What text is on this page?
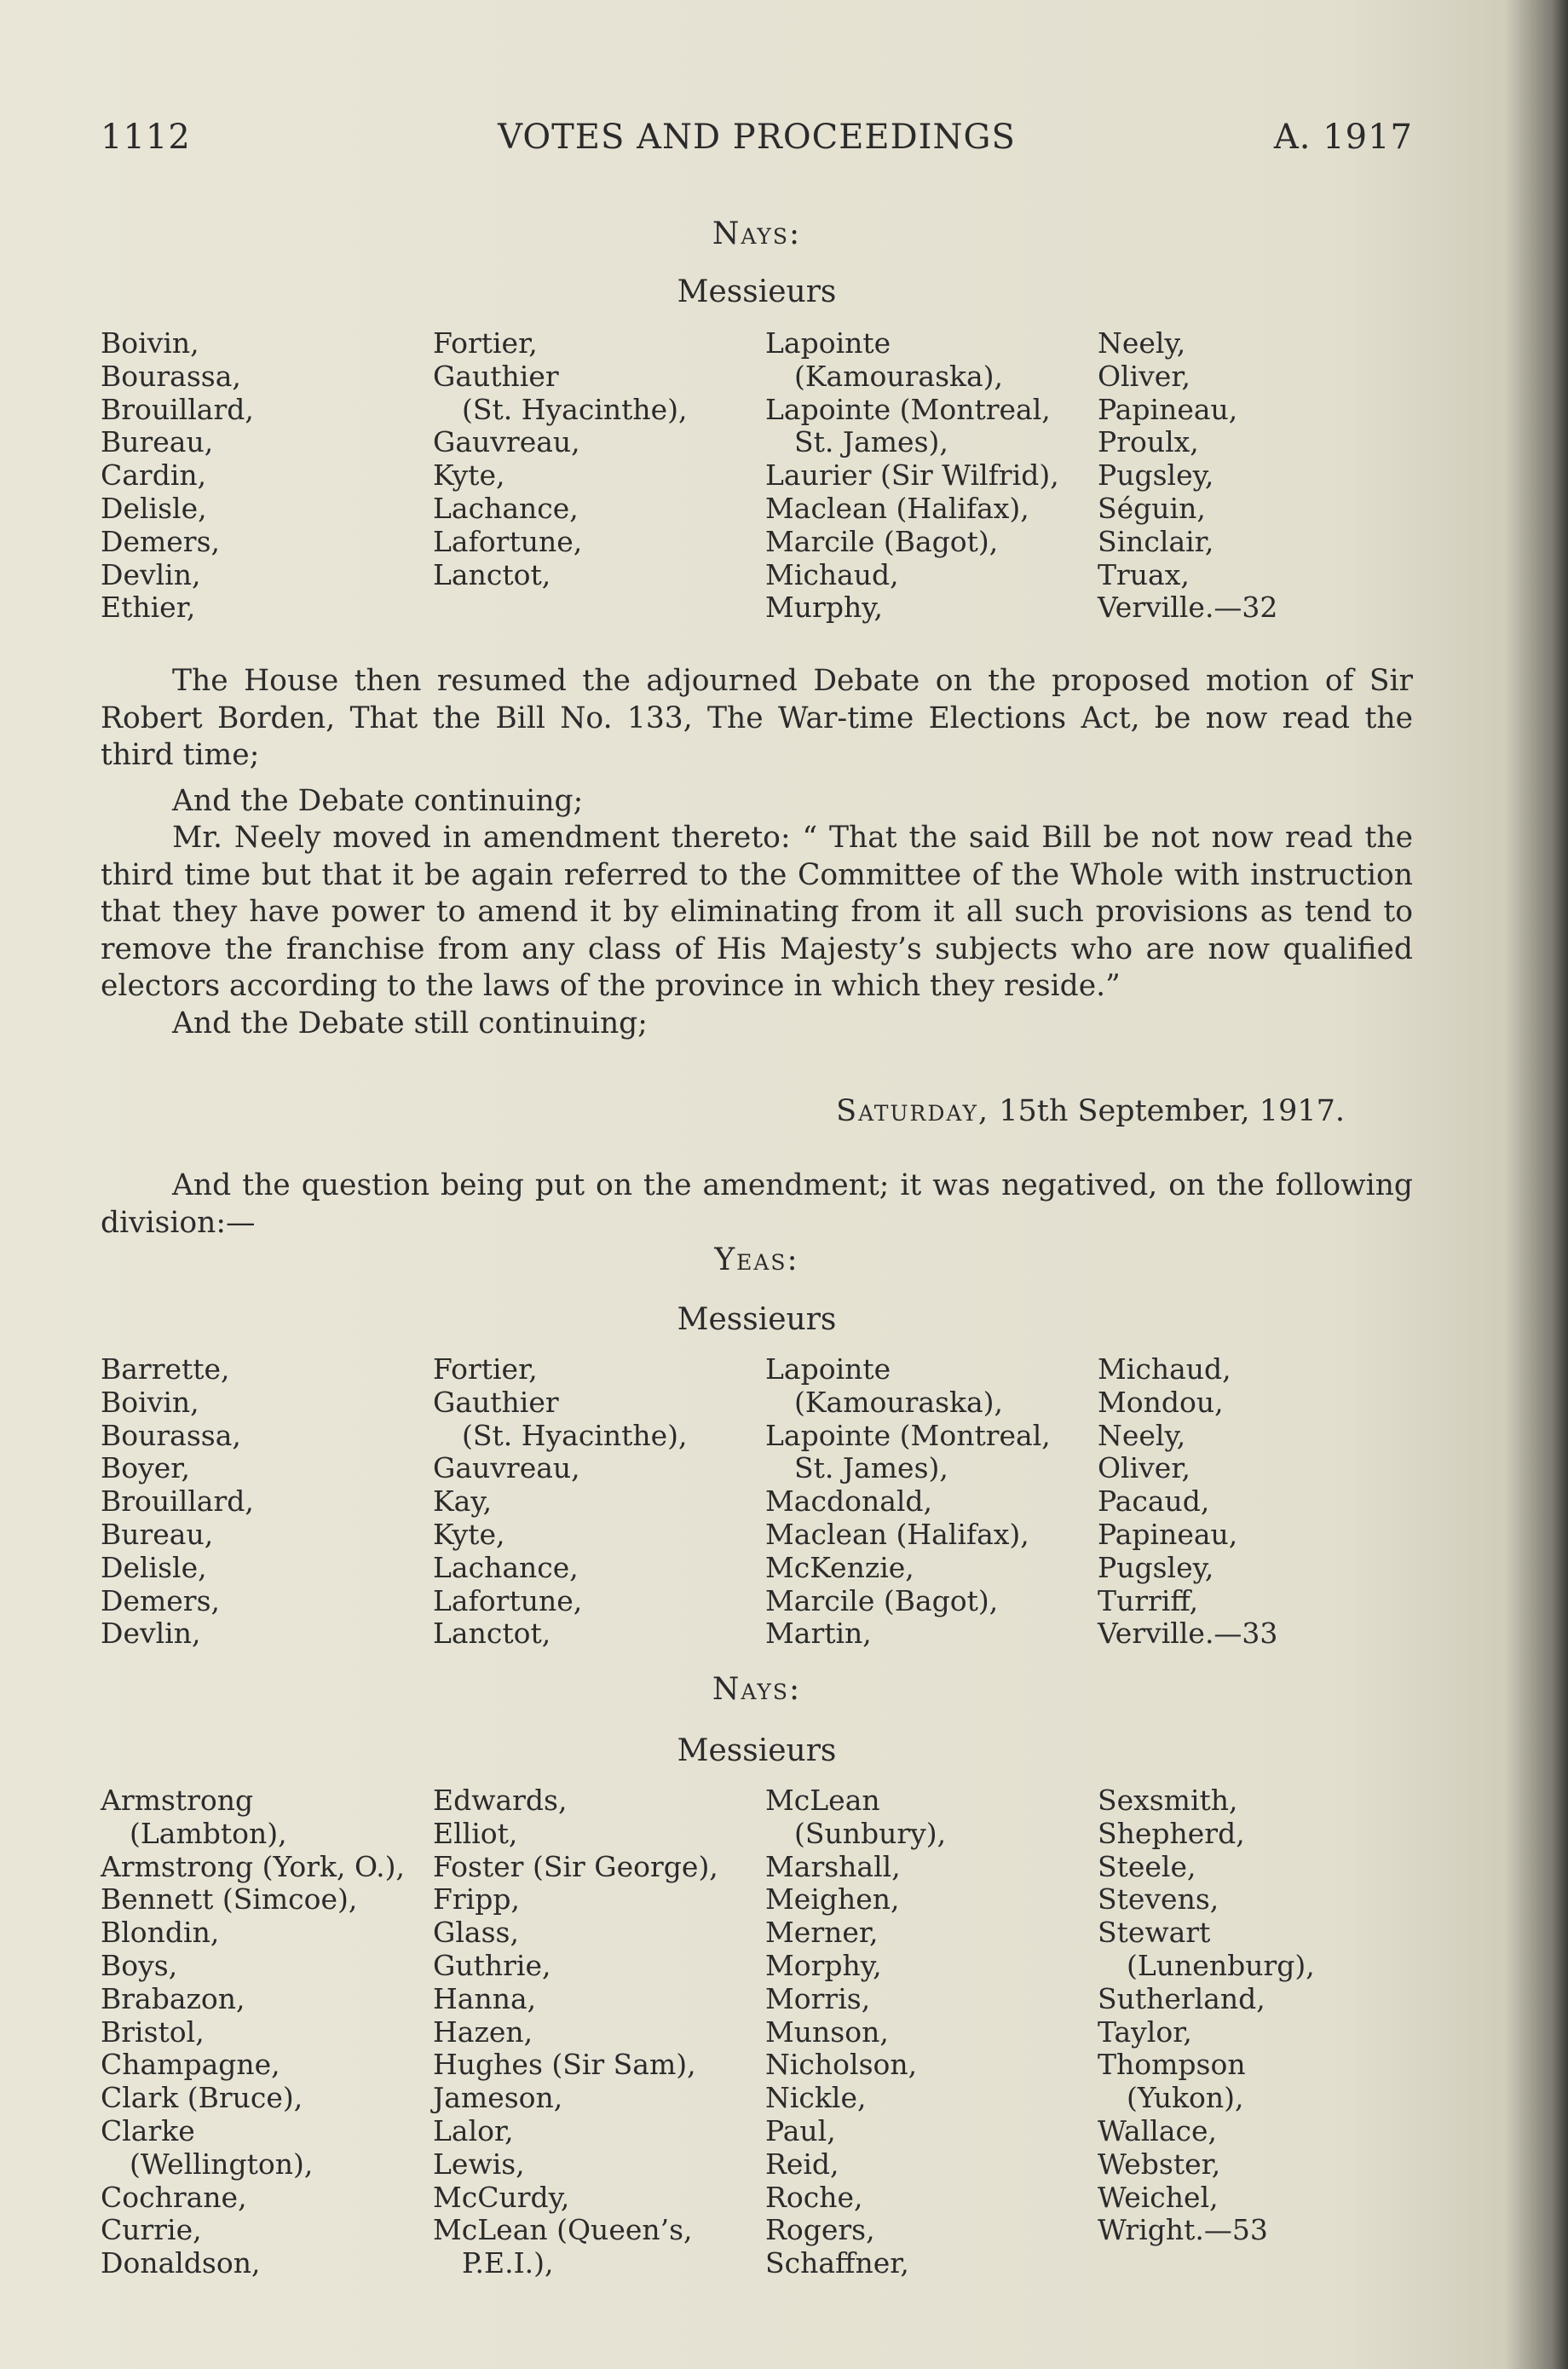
1112	VOTES AND PROCEEDINGS	A. 1917
Nays:
Messieurs
Boivin,
Bourassa,
Brouillard,
Bureau,
Cardin,
Delisle,
Demers,
Devlin,
Ethier,
Fortier,
Gauthier
(St. Hyacinthe),
Gauvreau,
Kyte,
Lachance,
Lafortune,
Lanctot,
Lapointe
(Kamouraska),
Lapointe (Montreal,
St. James),
Laurier (Sir Wilfrid),
Maclean (Halifax),
Marcile (Bagot),
Michaud,
Murphy,
Neely,
Oliver,
Papineau,
Proulx,
Pugsley,
Séguin,
Sinclair,
Truax,
Verville.—32

The House then resumed the adjourned Debate on the proposed motion of Sir Robert Borden, That the Bill No. 133, The War-time Elections Act, be now read the third time;

And the Debate continuing;

Mr. Neely moved in amendment thereto: “ That the said Bill be not now read the third time but that it be again referred to the Committee of the Whole with instruction that they have power to amend it by eliminating from it all such provisions as tend to remove the franchise from any class of His Majesty’s subjects who are now qualified electors according to the laws of the province in which they reside.”

And the Debate still continuing;

Saturday, 15th September, 1917.

And the question being put on the amendment; it was negatived, on the following division:—

Yeas:
Messieurs
Barrette,
Boivin,
Bourassa,
Boyer,
Brouillard,
Bureau,
Delisle,
Demers,
Devlin,
Fortier,
Gauthier
(St. Hyacinthe),
Gauvreau,
Kay,
Kyte,
Lachance,
Lafortune,
Lanctot,
Lapointe
(Kamouraska),
Lapointe (Montreal,
St. James),
Macdonald,
Maclean (Halifax),
McKenzie,
Marcile (Bagot),
Martin,
Michaud,
Mondou,
Neely,
Oliver,
Pacaud,
Papineau,
Pugsley,
Turriff,
Verville.—33
Nays:
Messieurs
Armstrong
(Lambton),
Armstrong (York, O.),
Bennett (Simcoe),
Blondin,
Boys,
Brabazon,
Bristol,
Champagne,
Clark (Bruce),
Clarke
(Wellington),
Cochrane,
Currie,
Donaldson,
Edwards,
Elliot,
Foster (Sir George),
Fripp,
Glass,
Guthrie,
Hanna,
Hazen,
Hughes (Sir Sam),
Jameson,
Lalor,
Lewis,
McCurdy,
McLean (Queen’s,
P.E.I.),
McLean
(Sunbury),
Marshall,
Meighen,
Merner,
Morphy,
Morris,
Munson,
Nicholson,
Nickle,
Paul,
Reid,
Roche,
Rogers,
Schaffner,
Sexsmith,
Shepherd,
Steele,
Stevens,
Stewart
(Lunenburg),
Sutherland,
Taylor,
Thompson
(Yukon),
Wallace,
Webster,
Weichel,
Wright.—53
